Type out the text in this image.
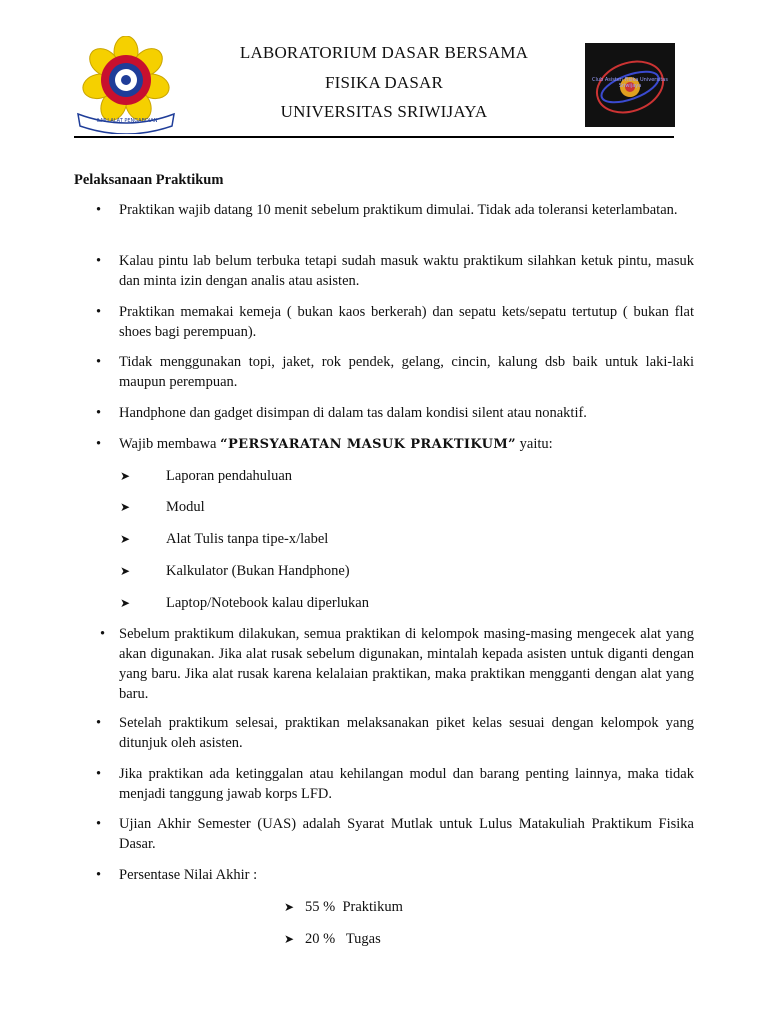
ILMU ALAT PENGABDIAN
LABORATORIUM DASAR BERSAMA
FISIKA DASAR
UNIVERSITAS SRIWIJAYA
Club Asisten Fisika Universitas Sriwijaya
Pelaksanaan Praktikum
• Praktikan wajib datang 10 menit sebelum praktikum dimulai. Tidak ada toleransi keterlambatan.
• Kalau pintu lab belum terbuka tetapi sudah masuk waktu praktikum silahkan ketuk pintu, masuk dan minta izin dengan analis atau asisten.
• Praktikan memakai kemeja ( bukan kaos berkerah) dan sepatu kets/sepatu tertutup ( bukan flat shoes bagi perempuan).
• Tidak menggunakan topi, jaket, rok pendek, gelang, cincin, kalung dsb baik untuk laki-laki maupun perempuan.
• Handphone dan gadget disimpan di dalam tas dalam kondisi silent atau nonaktif.
• Wajib membawa “PERSYARATAN MASUK PRAKTIKUM” yaitu:
➤ Laporan pendahuluan
➤ Modul
➤ Alat Tulis tanpa tipe-x/label
➤ Kalkulator (Bukan Handphone)
➤ Laptop/Notebook kalau diperlukan
• Sebelum praktikum dilakukan, semua praktikan di kelompok masing-masing mengecek alat yang akan digunakan. Jika alat rusak sebelum digunakan, mintalah kepada asisten untuk diganti dengan yang baru. Jika alat rusak karena kelalaian praktikan, maka praktikan mengganti dengan alat yang baru.
• Setelah praktikum selesai, praktikan melaksanakan piket kelas sesuai dengan kelompok yang ditunjuk oleh asisten.
• Jika praktikan ada ketinggalan atau kehilangan modul dan barang penting lainnya, maka tidak menjadi tanggung jawab korps LFD.
• Ujian Akhir Semester (UAS) adalah Syarat Mutlak untuk Lulus Matakuliah Praktikum Fisika Dasar.
• Persentase Nilai Akhir :
➤ 55 %  Praktikum
➤ 20 %   Tugas
